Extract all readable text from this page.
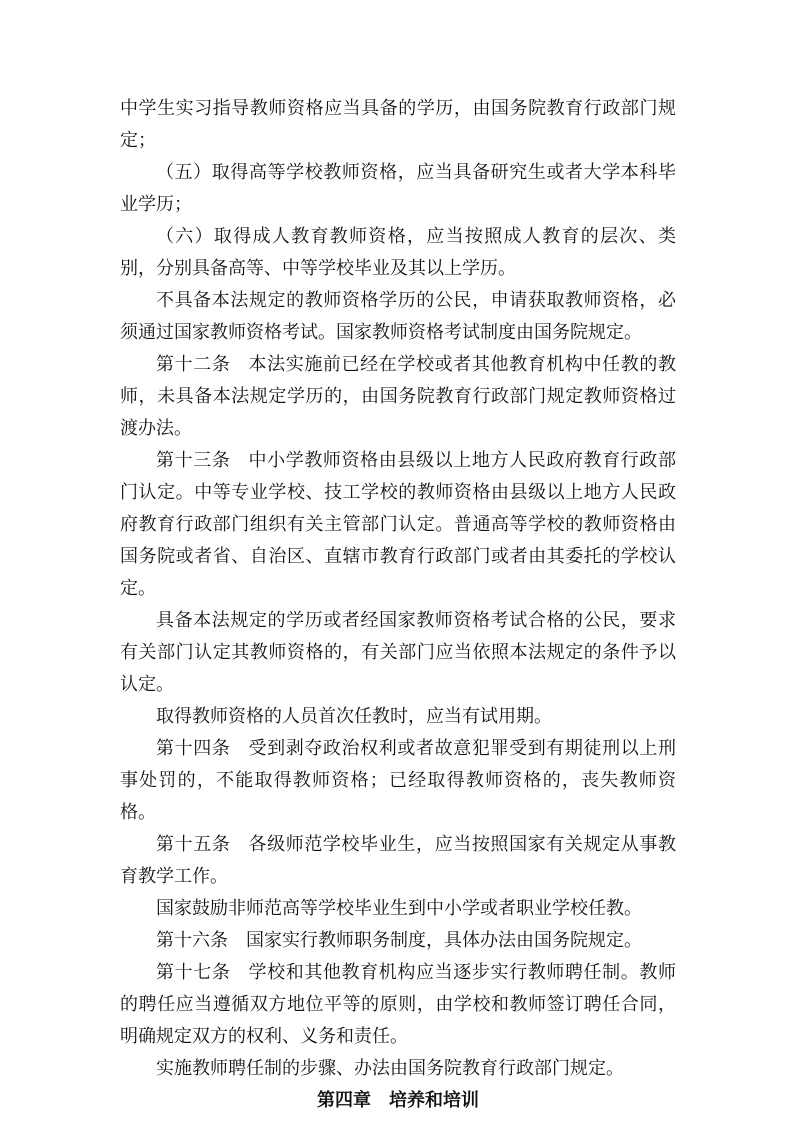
中学生实习指导教师资格应当具备的学历，由国务院教育行政部门规定；

（五）取得高等学校教师资格，应当具备研究生或者大学本科毕业学历；

（六）取得成人教育教师资格，应当按照成人教育的层次、类别，分别具备高等、中等学校毕业及其以上学历。

不具备本法规定的教师资格学历的公民，申请获取教师资格，必须通过国家教师资格考试。国家教师资格考试制度由国务院规定。

第十二条 本法实施前已经在学校或者其他教育机构中任教的教师，未具备本法规定学历的，由国务院教育行政部门规定教师资格过渡办法。

第十三条 中小学教师资格由县级以上地方人民政府教育行政部门认定。中等专业学校、技工学校的教师资格由县级以上地方人民政府教育行政部门组织有关主管部门认定。普通高等学校的教师资格由国务院或者省、自治区、直辖市教育行政部门或者由其委托的学校认定。

具备本法规定的学历或者经国家教师资格考试合格的公民，要求有关部门认定其教师资格的，有关部门应当依照本法规定的条件予以认定。

取得教师资格的人员首次任教时，应当有试用期。

第十四条 受到剥夺政治权利或者故意犯罪受到有期徒刑以上刑事处罚的，不能取得教师资格；已经取得教师资格的，丧失教师资格。

第十五条 各级师范学校毕业生，应当按照国家有关规定从事教育教学工作。

国家鼓励非师范高等学校毕业生到中小学或者职业学校任教。

第十六条 国家实行教师职务制度，具体办法由国务院规定。

第十七条 学校和其他教育机构应当逐步实行教师聘任制。教师的聘任应当遵循双方地位平等的原则，由学校和教师签订聘任合同，明确规定双方的权利、义务和责任。

实施教师聘任制的步骤、办法由国务院教育行政部门规定。

第四章 培养和培训
